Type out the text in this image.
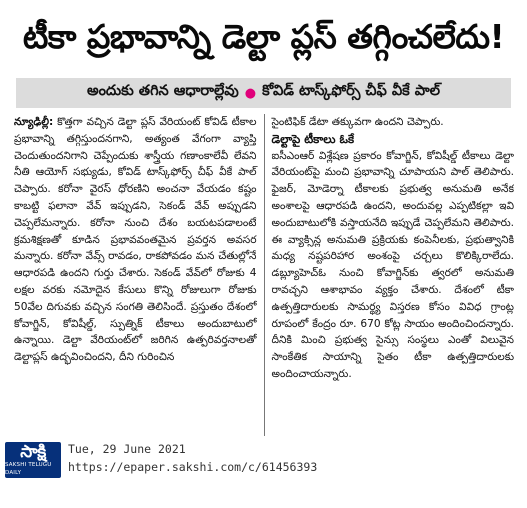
టీకా ప్రభావాన్ని డెల్టా ప్లస్ తగ్గించలేదు!
అందుకు తగిన ఆధారాల్లేవు ● కోవిడ్ టాస్క్‌ఫోర్స్ చీఫ్ వీకే పాల్

న్యూఢిల్లీ: కొత్తగా వచ్చిన డెల్టా ప్లస్ వేరియంట్ కోవిడ్ టీకాల ప్రభావాన్ని తగ్గిస్తుందనగాని, అత్యంత వేగంగా వ్యాప్తి చెందుతుందనిగాని చెప్పేందుకు శాస్త్రీయ గణాంకాలేవీ లేవని నీతి ఆయోగ్ సభ్యుడు, కోవిడ్ టాస్క్‌ఫోర్స్ చీఫ్ వీకే పాల్ చెప్పారు. కరోనా వైరస్ ధోరణిని అంచనా వేయడం కష్టం కాబట్టి ఫలానా వేవ్ ఇప్పుడని, సెకండ్ వేవ్ అప్పుడని చెప్పలేమన్నారు. కరోనా నుంచి దేశం బయటపడాలంటే క్రమశిక్షణతో కూడిన ప్రభావవంతమైన ప్రవర్తన అవసర మన్నారు. కరోనా వేవ్స్ రావడం, రాకపోవడం మన చేతుల్లోనే ఆధారపడి ఉందని గుర్తు చేశారు. సెకండ్ వేవ్‌లో రోజుకు 4 లక్షల వరకు నమోదైన కేసులు కొన్ని రోజులుగా రోజుకు 50వేల దిగువకు వచ్చిన సంగతి తెలిసిందే. ప్రస్తుతం దేశంలో కోవాగ్జిన్, కోవిషీల్డ్, స్పుత్నిక్ టీకాలు అందుబాటులో ఉన్నాయి. డెల్టా వేరియంట్‌లో జరిగిన ఉత్పరివర్తనాలతో డెల్టాప్లస్ ఉద్భవించిందని, దీని గురించిన

సైంటిఫిక్ డేటా తక్కువగా ఉందని చెప్పారు.

డెల్టాపై టీకాలు ఓకే

ఐసీఎంఆర్ విశ్లేషణ ప్రకారం కోవాగ్జిన్, కోవిషీల్డ్ టీకాలు డెల్టా వేరియంట్‌పై మంచి ప్రభావాన్ని చూపాయని పాల్ తెలిపారు. ఫైజర్, మోడెర్నా టీకాలకు ప్రభుత్వ అనుమతి అనేక అంశాలపై ఆధారపడి ఉందని, అందువల్ల ఎప్పటికల్లా ఇవి అందుబాటులోకి వస్తాయనేది ఇప్పుడే చెప్పలేమని తెలిపారు. ఈ వ్యాక్సిన్ల అనుమతి ప్రక్రియకు కంపెనీలకు, ప్రభుత్వానికి మధ్య నష్టపరిహార అంశంపై చర్చలు కొలిక్కిరాలేదు. డబ్ల్యూహెచ్‌ఓ నుంచి కోవాగ్జిన్‌కు త్వరలో అనుమతి రావచ్చని ఆశాభావం వ్యక్తం చేశారు. దేశంలో టీకా ఉత్పత్తిదారులకు సామర్థ్య విస్తరణ కోసం వివిధ గ్రాంట్ల రూపంలో కేంద్రం రూ. 670 కోట్ల సాయం అందించిందన్నారు. దీనికి మించి ప్రభుత్వ సైన్సు సంస్థలు ఎంతో విలువైన సాంకేతిక సాయాన్ని సైతం టీకా ఉత్పత్తిదారులకు అందించాయన్నారు.

సాక్షి
SAKSHI TELUGU DAILY
Tue, 29 June 2021
https://epaper.sakshi.com/c/61456393
